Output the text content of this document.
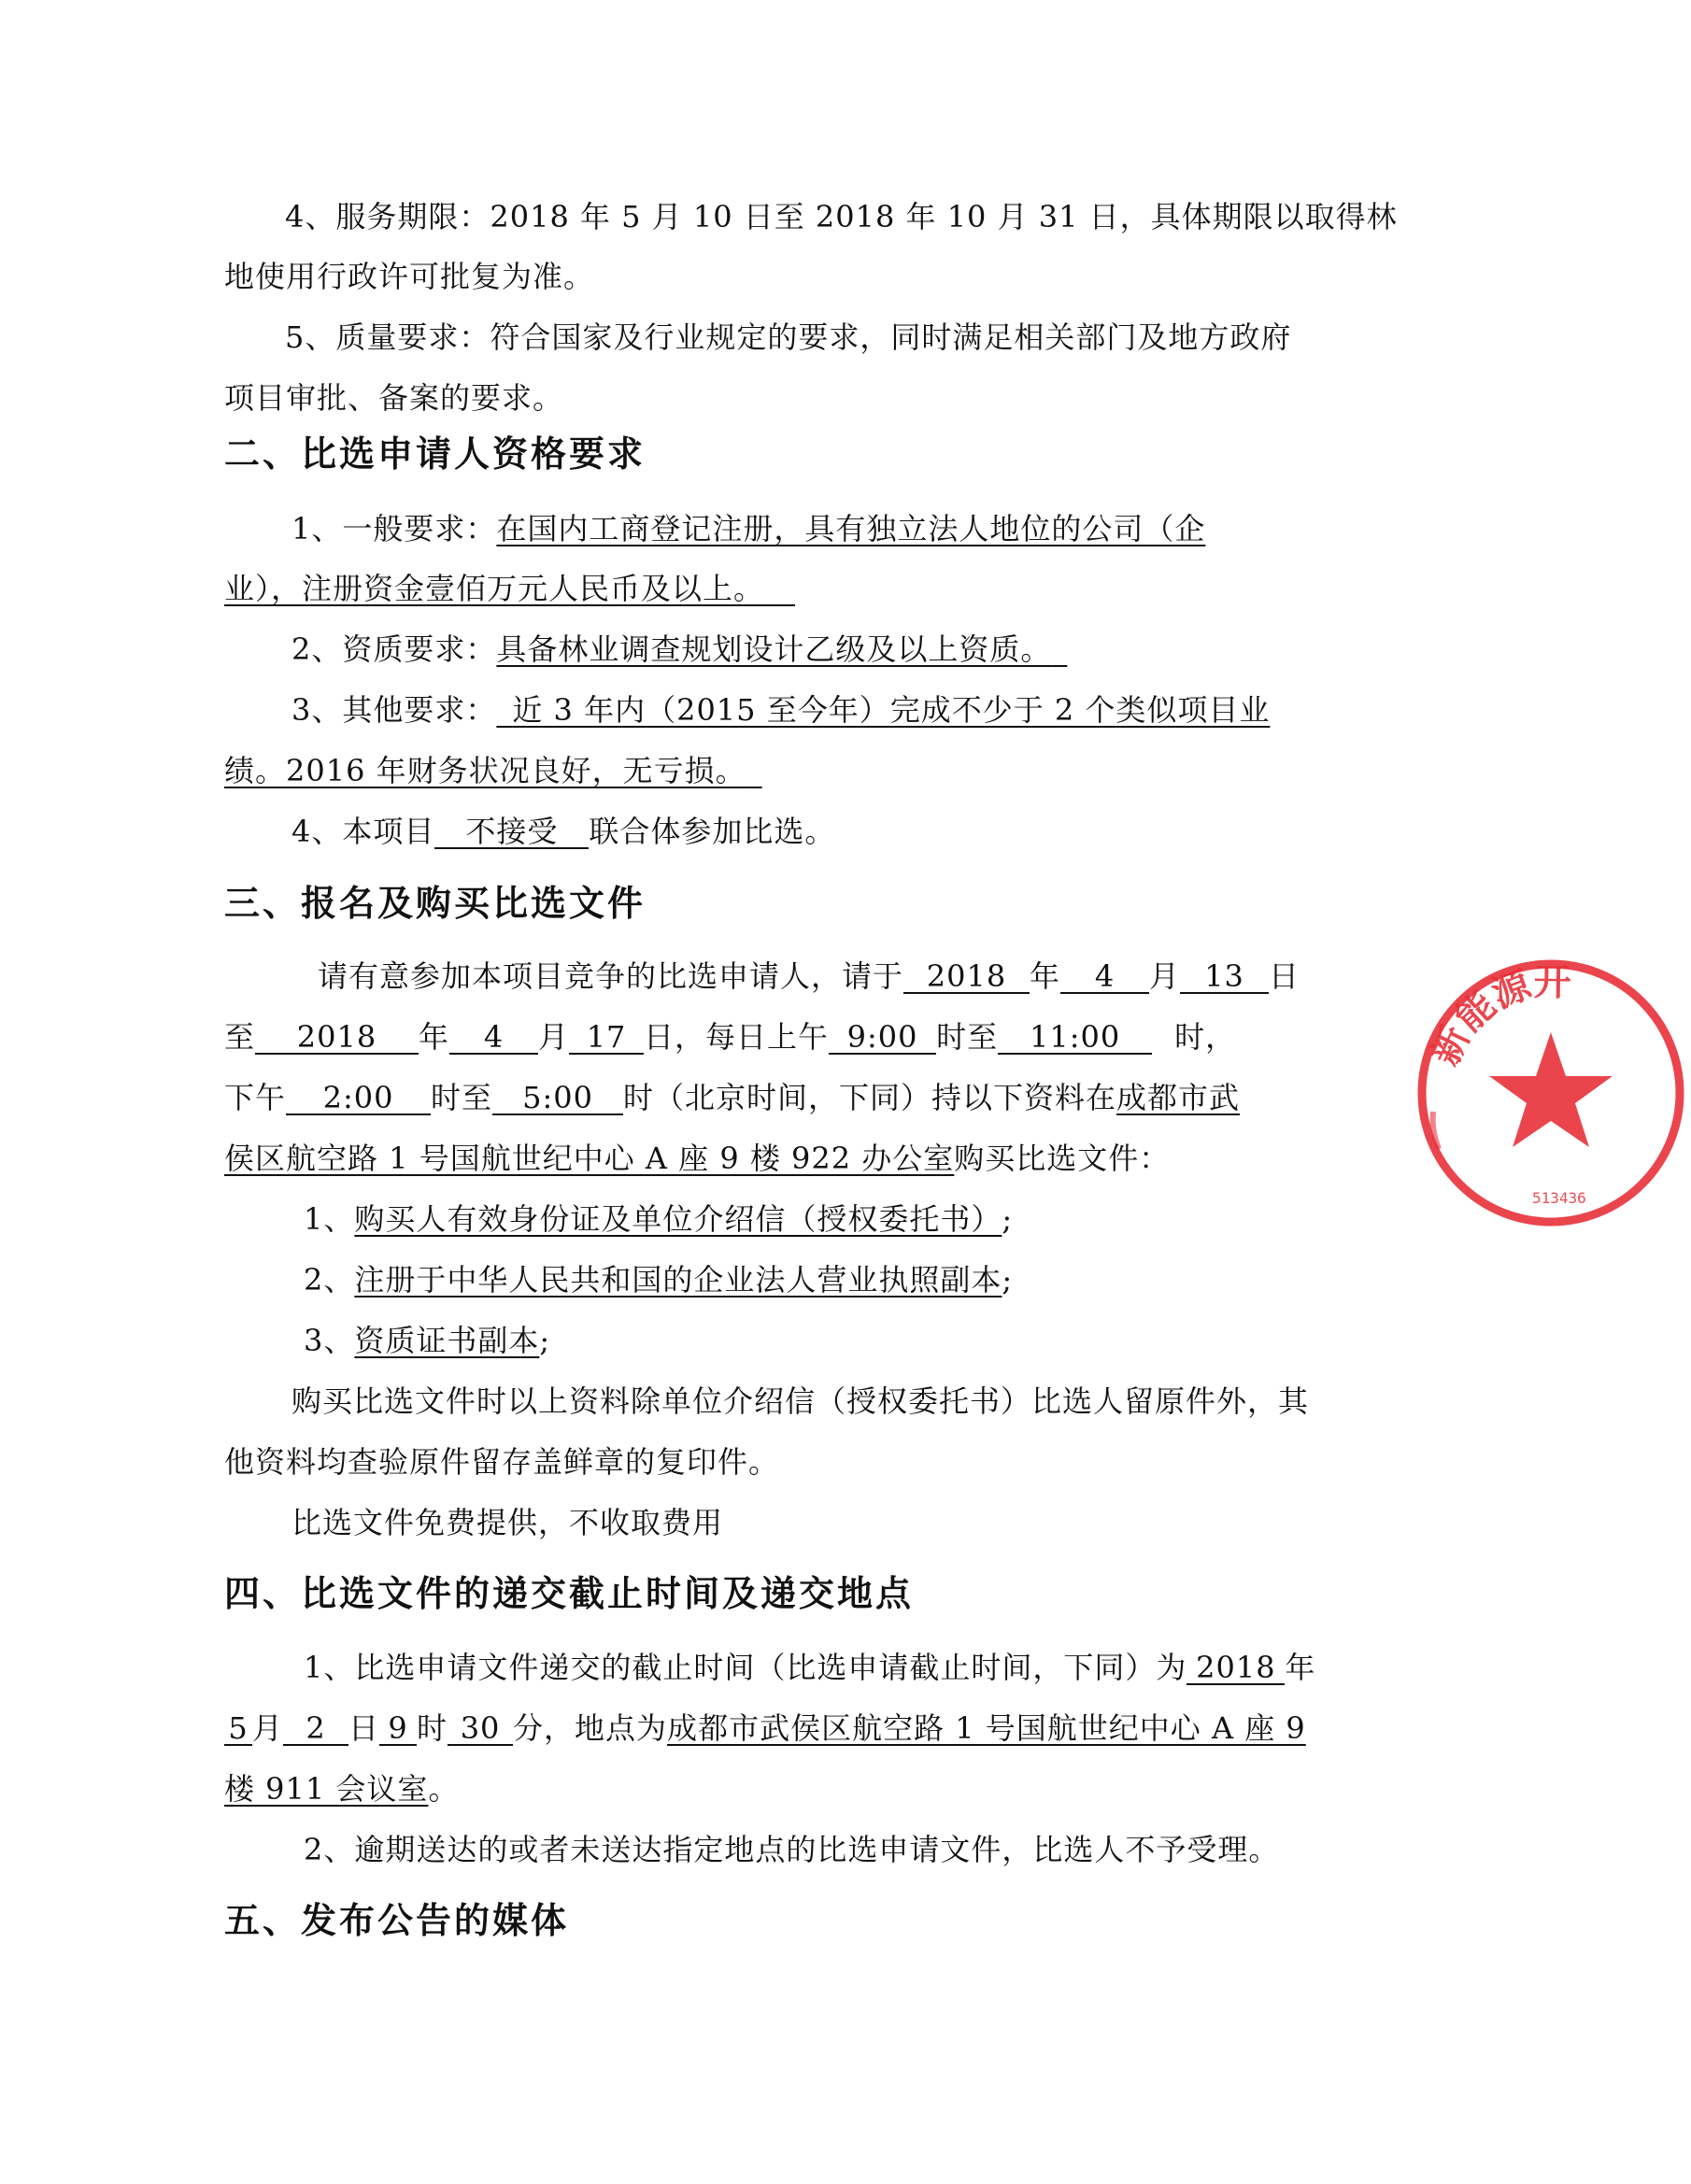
4、服务期限：2018 年 5 月 10 日至 2018 年 10 月 31 日，具体期限以取得林
地使用行政许可批复为准。
5、质量要求：符合国家及行业规定的要求，同时满足相关部门及地方政府
项目审批、备案的要求。
二、比选申请人资格要求
1、一般要求：在国内工商登记注册，具有独立法人地位的公司（企
业），注册资金壹佰万元人民币及以上。 
2、资质要求：具备林业调查规划设计乙级及以上资质。 
3、其他要求：  近 3 年内（2015 至今年）完成不少于 2 个类似项目业
绩。2016 年财务状况良好，无亏损。 
4、本项目 不接受 联合体参加比选。
三、报名及购买比选文件
请有意参加本项目竞争的比选申请人，请于 2018 年 4 月 13 日
至 2018 年 4 月 17 日，每日上午 9:00 时至 11:00 时，
下午 2:00 时至 5:00 时（北京时间，下同）持以下资料在成都市武
侯区航空路 1 号国航世纪中心 A 座 9 楼 922 办公室购买比选文件：
1、购买人有效身份证及单位介绍信（授权委托书）;
2、注册于中华人民共和国的企业法人营业执照副本;
3、资质证书副本;
购买比选文件时以上资料除单位介绍信（授权委托书）比选人留原件外，其
他资料均查验原件留存盖鲜章的复印件。
比选文件免费提供，不收取费用
四、比选文件的递交截止时间及递交地点
1、比选申请文件递交的截止时间（比选申请截止时间，下同）为 2018 年
5 月 2 日 9 时 30 分，地点为成都市武侯区航空路 1 号国航世纪中心 A 座 9
楼 911 会议室。
2、逾期送达的或者未送达指定地点的比选申请文件，比选人不予受理。
五、发布公告的媒体
新能源开
513436
